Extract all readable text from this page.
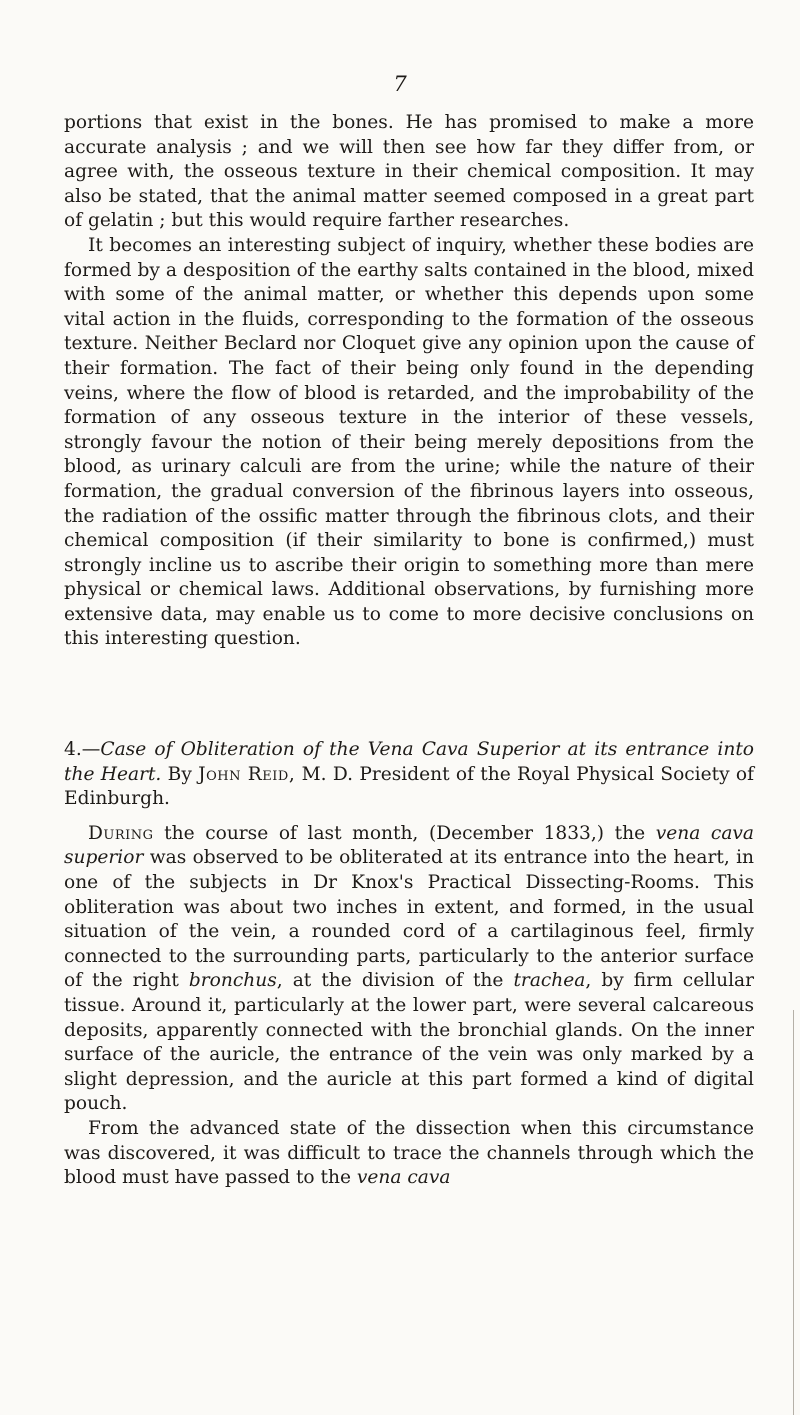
7

portions that exist in the bones. He has promised to make a more accurate analysis ; and we will then see how far they differ from, or agree with, the osseous texture in their chemical composition. It may also be stated, that the animal matter seemed composed in a great part of gelatin ; but this would require farther researches.

It becomes an interesting subject of inquiry, whether these bodies are formed by a desposition of the earthy salts contained in the blood, mixed with some of the animal matter, or whether this depends upon some vital action in the fluids, corresponding to the formation of the osseous texture. Neither Beclard nor Cloquet give any opinion upon the cause of their formation. The fact of their being only found in the depending veins, where the flow of blood is retarded, and the improbability of the formation of any osseous texture in the interior of these vessels, strongly favour the notion of their being merely depositions from the blood, as urinary calculi are from the urine; while the nature of their formation, the gradual conversion of the fibrinous layers into osseous, the radiation of the ossific matter through the fibrinous clots, and their chemical composition (if their similarity to bone is confirmed,) must strongly incline us to ascribe their origin to something more than mere physical or chemical laws. Additional observations, by furnishing more extensive data, may enable us to come to more decisive conclusions on this interesting question.

4.—Case of Obliteration of the Vena Cava Superior at its entrance into the Heart. By John Reid, M. D. President of the Royal Physical Society of Edinburgh.

During the course of last month, (December 1833,) the vena cava superior was observed to be obliterated at its entrance into the heart, in one of the subjects in Dr Knox's Practical Dissecting-Rooms. This obliteration was about two inches in extent, and formed, in the usual situation of the vein, a rounded cord of a cartilaginous feel, firmly connected to the surrounding parts, particularly to the anterior surface of the right bronchus, at the division of the trachea, by firm cellular tissue. Around it, particularly at the lower part, were several calcareous deposits, apparently connected with the bronchial glands. On the inner surface of the auricle, the entrance of the vein was only marked by a slight depression, and the auricle at this part formed a kind of digital pouch.

From the advanced state of the dissection when this circumstance was discovered, it was difficult to trace the channels through which the blood must have passed to the vena cava
